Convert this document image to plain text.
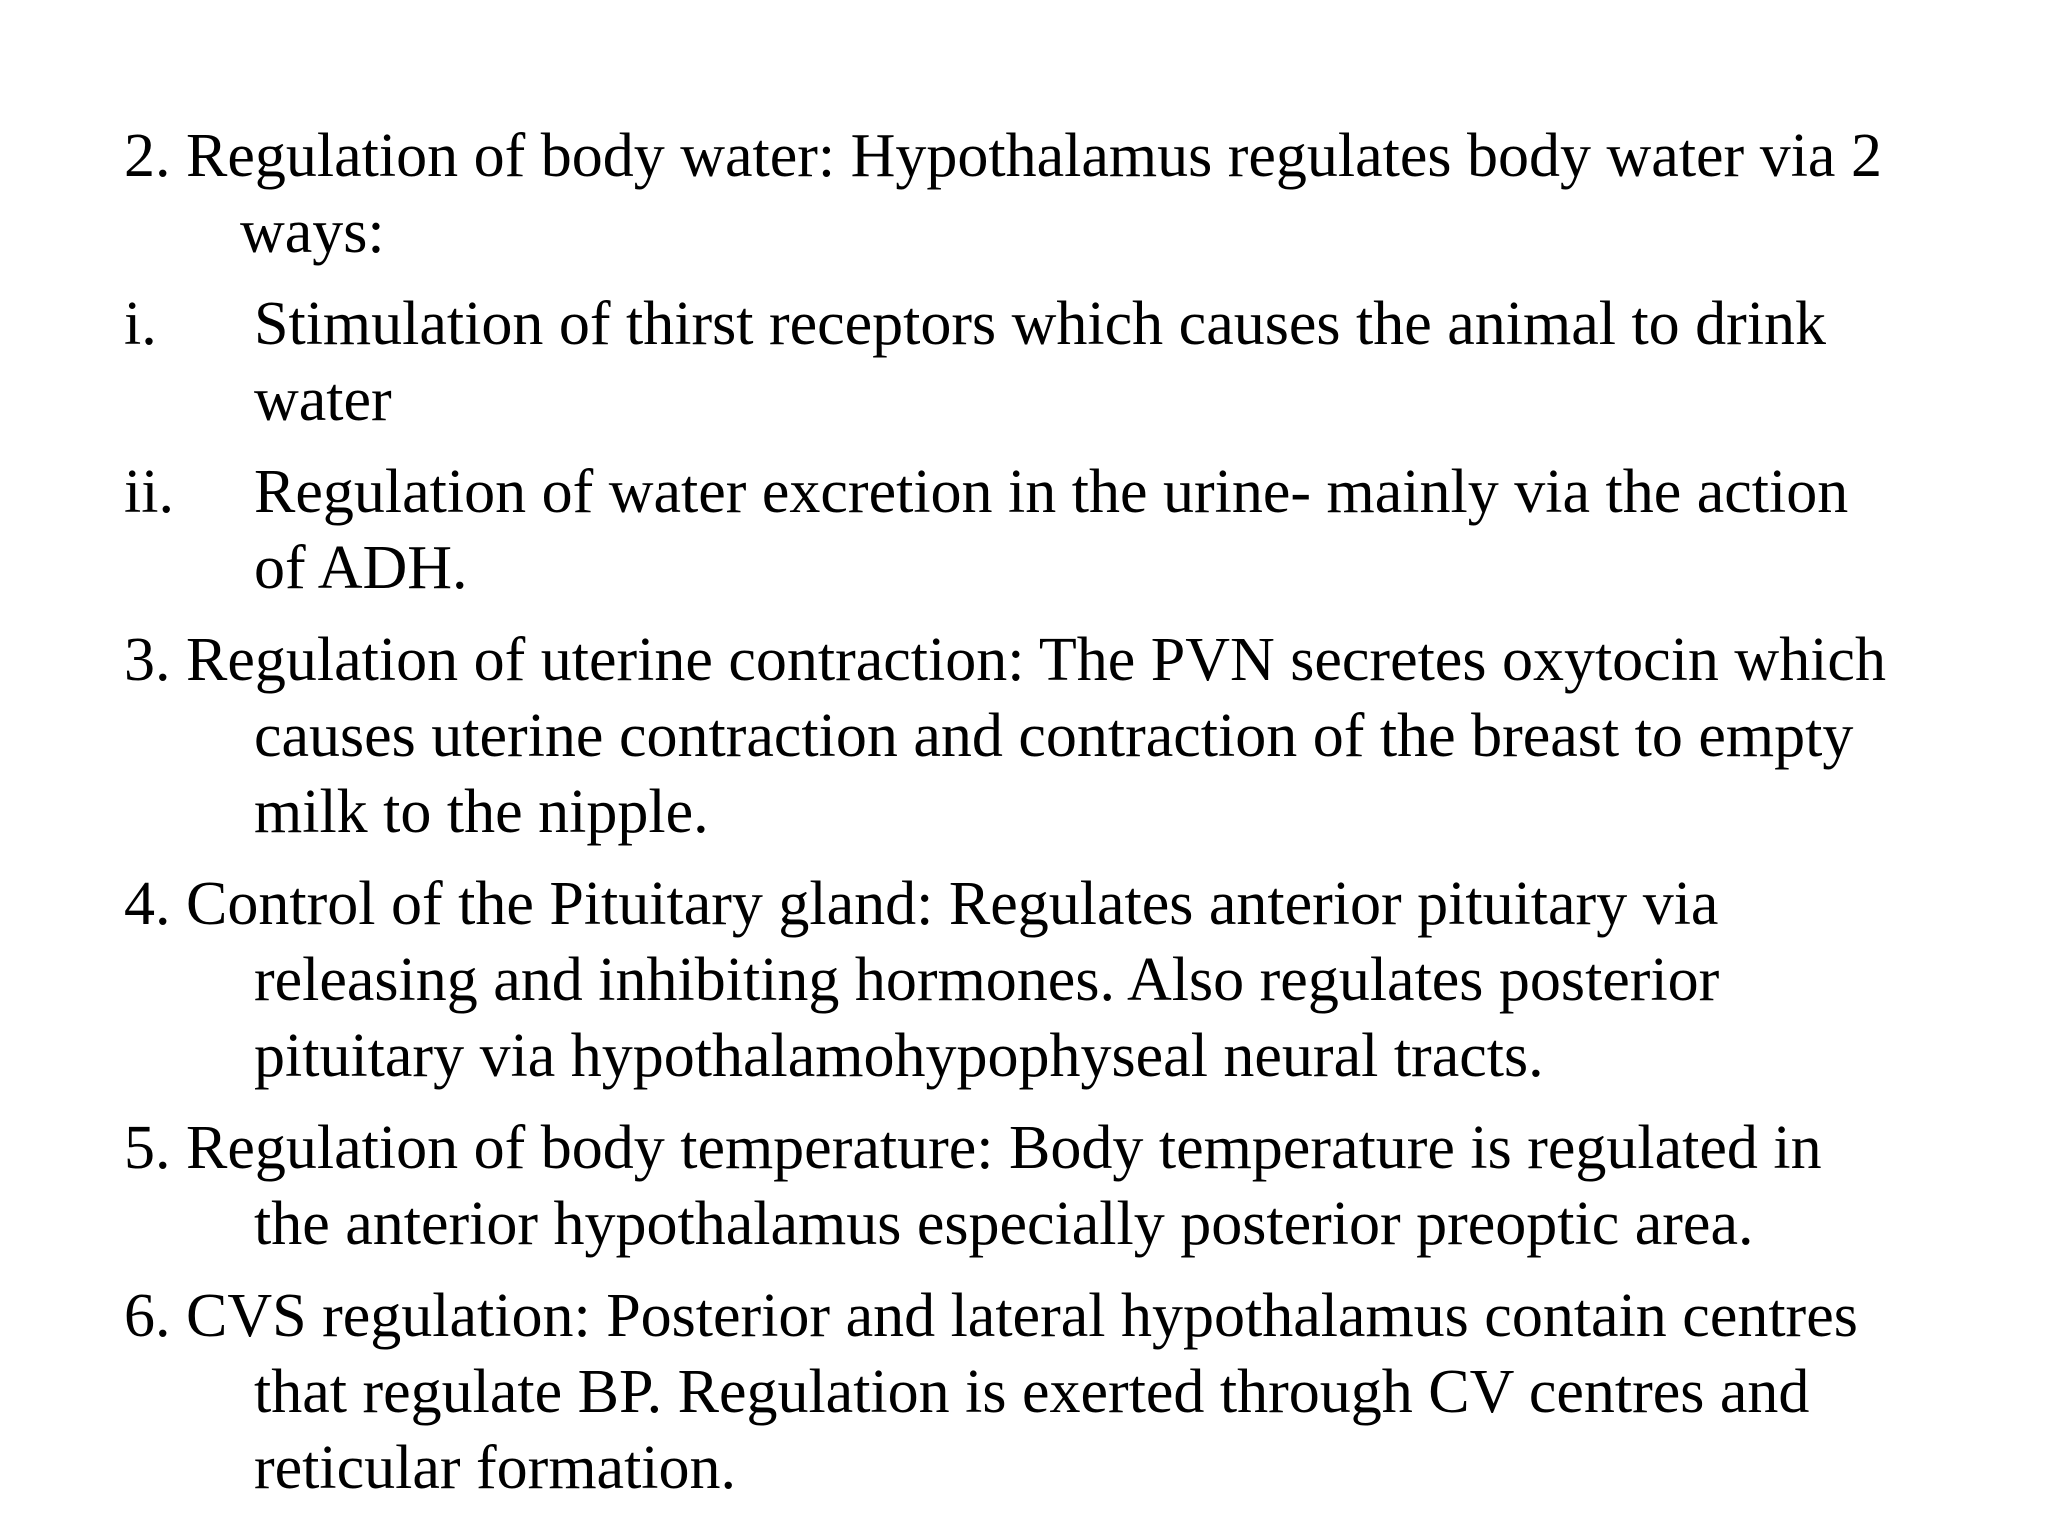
2. Regulation of body water: Hypothalamus regulates body water via 2
ways:
i. Stimulation of thirst receptors which causes the animal to drink
water
ii. Regulation of water excretion in the urine- mainly via the action
of ADH.
3. Regulation of uterine contraction: The PVN secretes oxytocin which
causes uterine contraction and contraction of the breast to empty
milk to the nipple.
4. Control of the Pituitary gland: Regulates anterior pituitary via
releasing and inhibiting hormones. Also regulates posterior
pituitary via hypothalamohypophyseal neural tracts.
5. Regulation of body temperature: Body temperature is regulated in
the anterior hypothalamus especially posterior preoptic area.
6. CVS regulation: Posterior and lateral hypothalamus contain centres
that regulate BP. Regulation is exerted through CV centres and
reticular formation.
